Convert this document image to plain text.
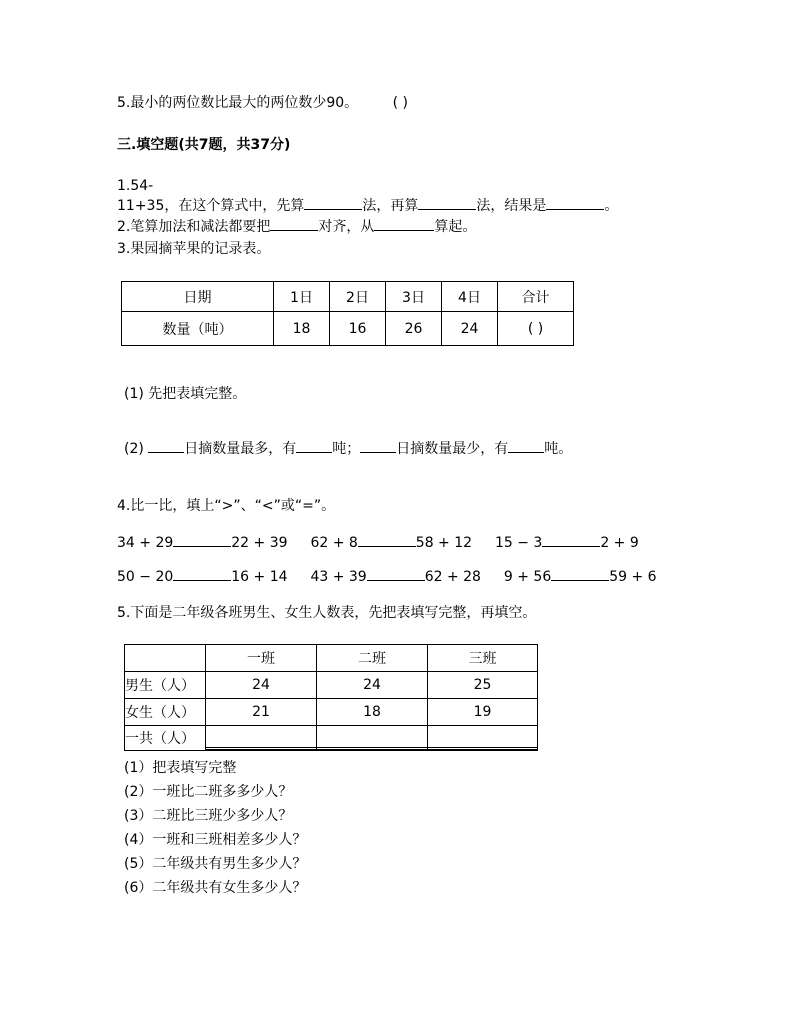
5.最小的两位数比最大的两位数少90。 ( )
三.填空题(共7题，共37分)
1.54-
11+35，在这个算式中，先算	法，再算	法，结果是	。
2.笔算加法和减法都要把	对齐，从	算起。
3.果园摘苹果的记录表。
日期	1日	2日	3日	4日	合计
数量（吨）	18	16	26	24	( )
(1) 先把表填完整。
(2)	日摘数量最多，有	吨；	日摘数量最少，有	吨。
4.比一比，填上“>”、“<”或“=”。
34 + 29	22 + 39 62 + 8	58 + 12 15 − 3	2 + 9
50 − 20	16 + 14 43 + 39	62 + 28 9 + 56	59 + 6
5.下面是二年级各班男生、女生人数表，先把表填写完整，再填空。
	一班	二班	三班
男生（人）	24	24	25
女生（人）	21	18	19
一共（人）	

(1）把表填写完整
(2）一班比二班多多少人？
(3）二班比三班少多少人？
(4）一班和三班相差多少人？
(5）二年级共有男生多少人？
(6）二年级共有女生多少人？
